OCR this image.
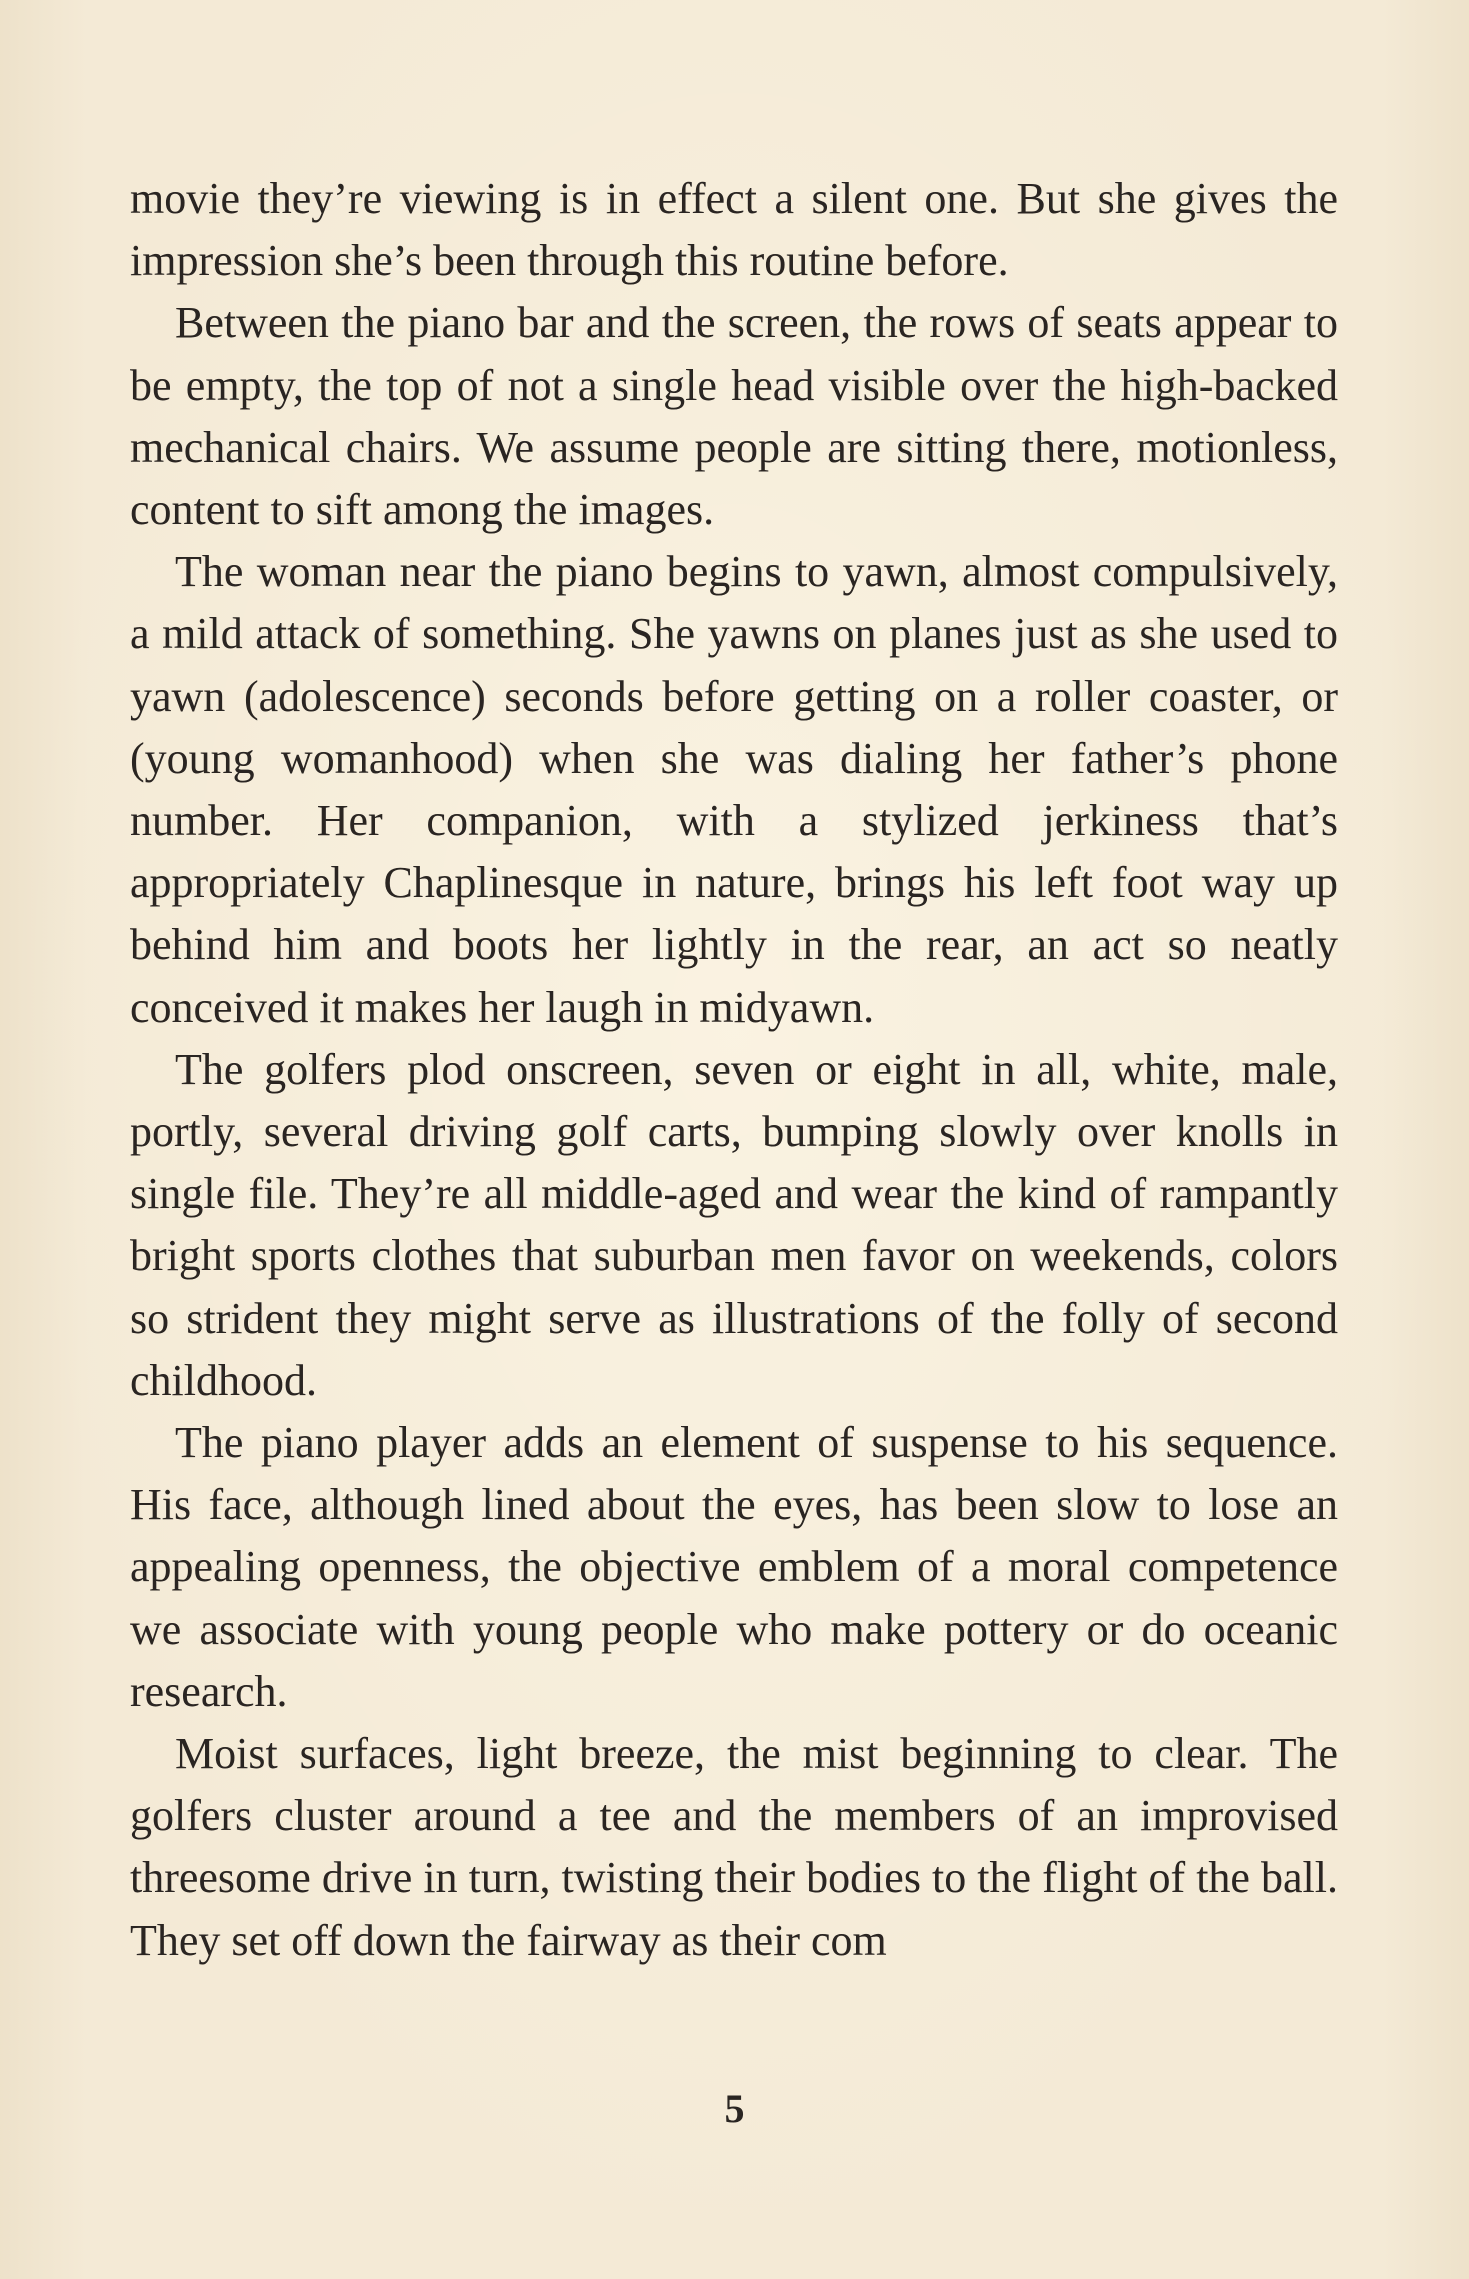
movie they’re viewing is in effect a silent one. But she gives the impression she’s been through this routine before.

Between the piano bar and the screen, the rows of seats appear to be empty, the top of not a single head visible over the high-backed mechanical chairs. We assume people are sitting there, motionless, content to sift among the images.

The woman near the piano begins to yawn, almost compulsively, a mild attack of something. She yawns on planes just as she used to yawn (adolescence) seconds before getting on a roller coaster, or (young womanhood) when she was dialing her father’s phone number. Her companion, with a stylized jerkiness that’s appropriately Chaplinesque in nature, brings his left foot way up behind him and boots her lightly in the rear, an act so neatly conceived it makes her laugh in midyawn.

The golfers plod onscreen, seven or eight in all, white, male, portly, several driving golf carts, bumping slowly over knolls in single file. They’re all middle-aged and wear the kind of rampantly bright sports clothes that suburban men favor on weekends, colors so strident they might serve as illustrations of the folly of second childhood.

The piano player adds an element of suspense to his sequence. His face, although lined about the eyes, has been slow to lose an appealing openness, the objective emblem of a moral competence we associate with young people who make pottery or do oceanic research.

Moist surfaces, light breeze, the mist beginning to clear. The golfers cluster around a tee and the members of an improvised threesome drive in turn, twisting their bodies to the flight of the ball. They set off down the fairway as their com

5
